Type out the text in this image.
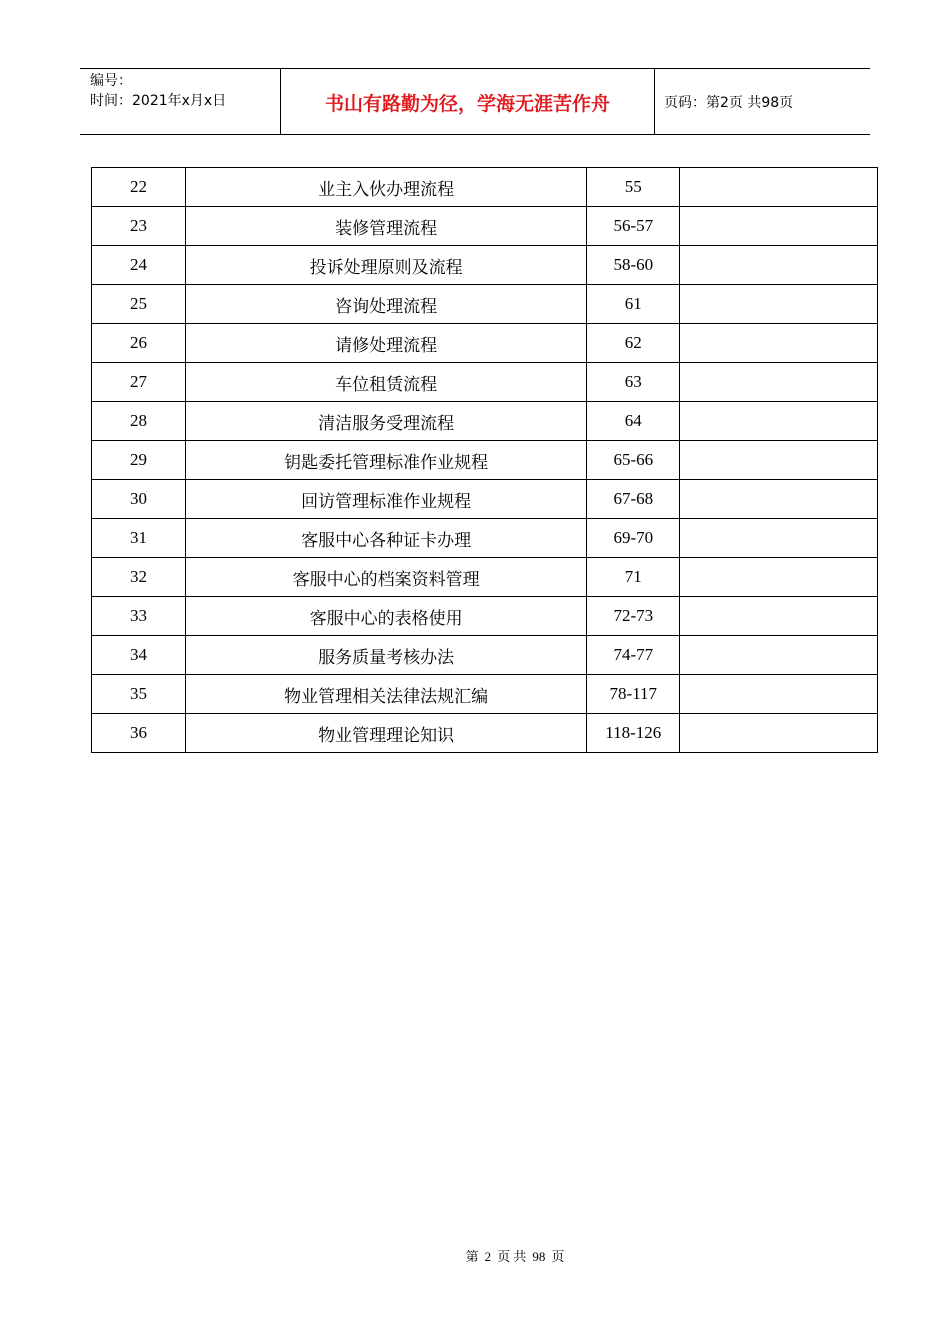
编号：
时间：2021年x月x日	书山有路勤为径，学海无涯苦作舟	页码：第2页 共98页
22	业主入伙办理流程	55	
23	装修管理流程	56-57	
24	投诉处理原则及流程	58-60	
25	咨询处理流程	61	
26	请修处理流程	62	
27	车位租赁流程	63	
28	清洁服务受理流程	64	
29	钥匙委托管理标准作业规程	65-66	
30	回访管理标准作业规程	67-68	
31	客服中心各种证卡办理	69-70	
32	客服中心的档案资料管理	71	
33	客服中心的表格使用	72-73	
34	服务质量考核办法	74-77	
35	物业管理相关法律法规汇编	78-117	
36	物业管理理论知识	118-126	
第 2 页 共 98 页
